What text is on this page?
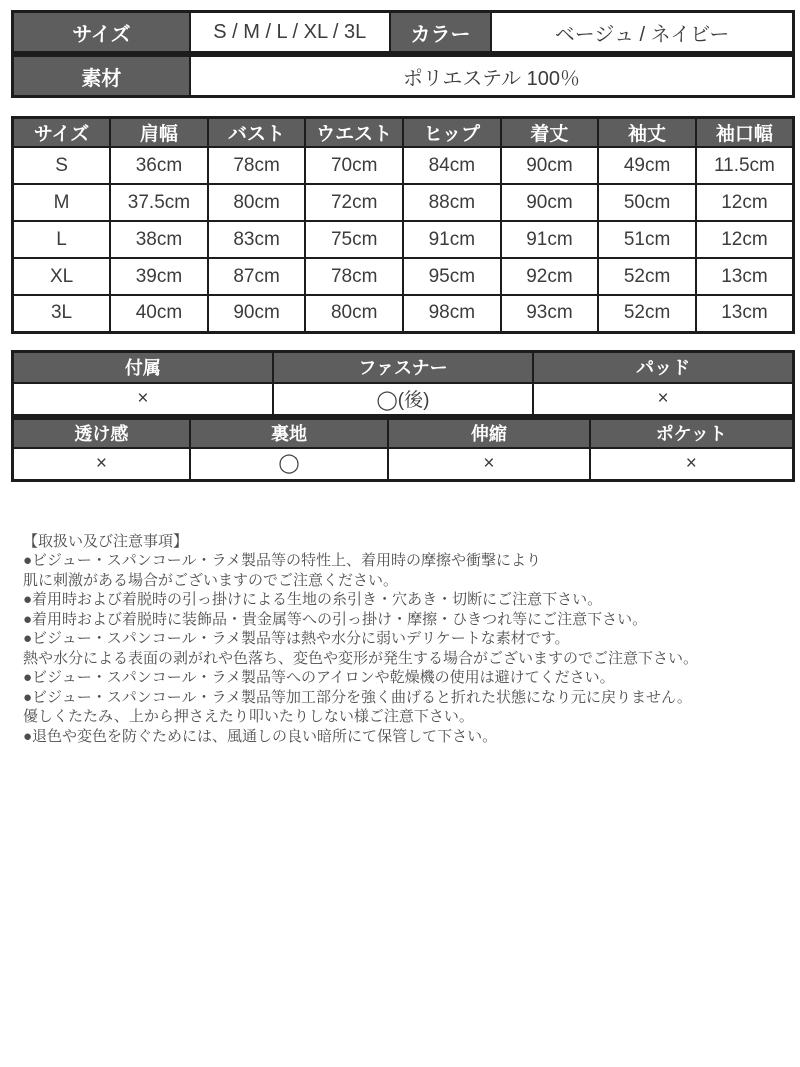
サイズ	S / M / L / XL / 3L	カラー	ベージュ / ネイビー
素材	ポリエステル 100％
サイズ	肩幅	バスト	ウエスト	ヒップ	着丈	袖丈	袖口幅
S	36cm	78cm	70cm	84cm	90cm	49cm	11.5cm
M	37.5cm	80cm	72cm	88cm	90cm	50cm	12cm
L	38cm	83cm	75cm	91cm	91cm	51cm	12cm
XL	39cm	87cm	78cm	95cm	92cm	52cm	13cm
3L	40cm	90cm	80cm	98cm	93cm	52cm	13cm
付属	ファスナー	パッド
×	◯(後)	×
透け感	裏地	伸縮	ポケット
×	◯	×	×
【取扱い及び注意事項】
●ビジュー・スパンコール・ラメ製品等の特性上、着用時の摩擦や衝撃により
肌に刺激がある場合がございますのでご注意ください。
●着用時および着脱時の引っ掛けによる生地の糸引き・穴あき・切断にご注意下さい。
●着用時および着脱時に装飾品・貴金属等への引っ掛け・摩擦・ひきつれ等にご注意下さい。
●ビジュー・スパンコール・ラメ製品等は熱や水分に弱いデリケートな素材です。
熱や水分による表面の剥がれや色落ち、変色や変形が発生する場合がございますのでご注意下さい。
●ビジュー・スパンコール・ラメ製品等へのアイロンや乾燥機の使用は避けてください。
●ビジュー・スパンコール・ラメ製品等加工部分を強く曲げると折れた状態になり元に戻りません。
優しくたたみ、上から押さえたり叩いたりしない様ご注意下さい。
●退色や変色を防ぐためには、風通しの良い暗所にて保管して下さい。
